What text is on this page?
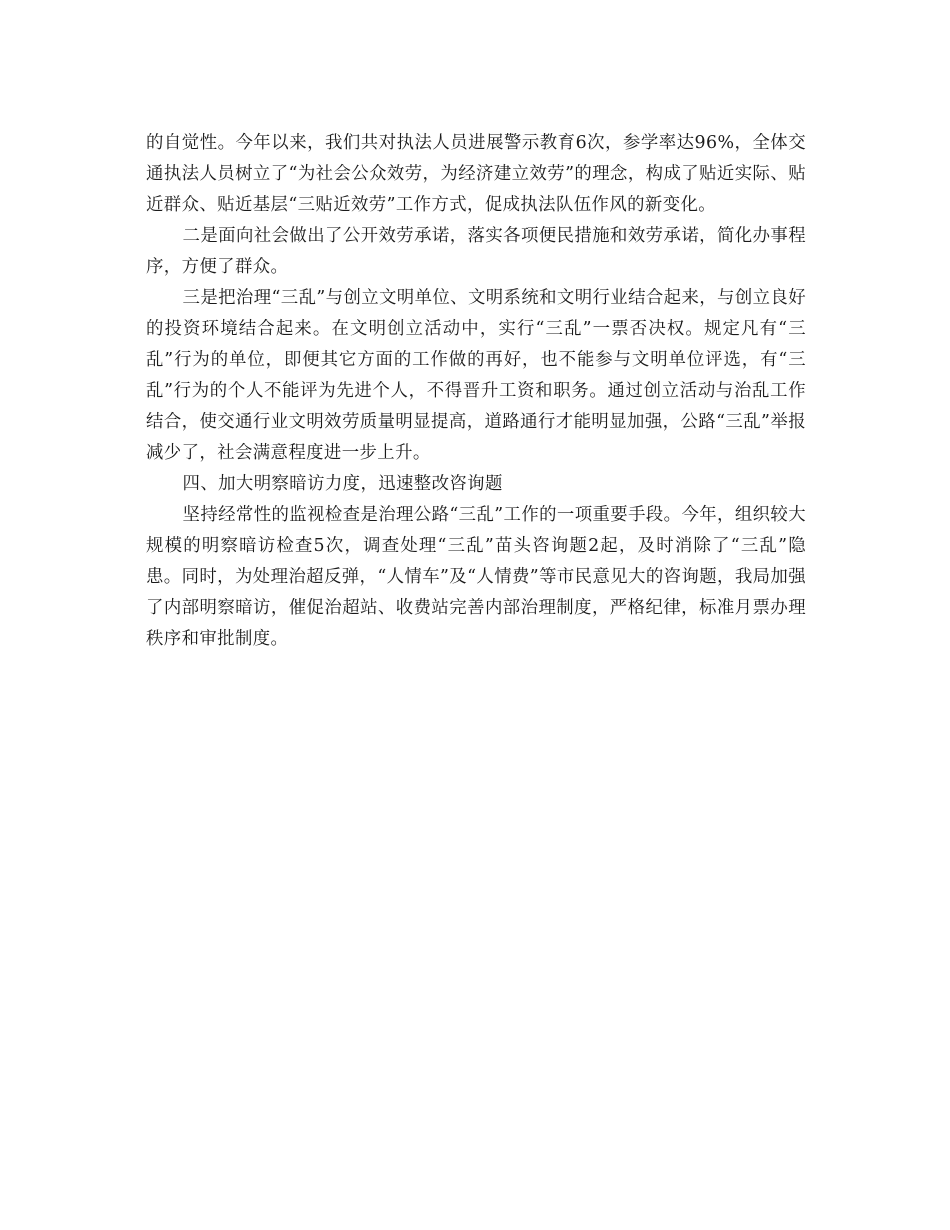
的自觉性。今年以来，我们共对执法人员进展警示教育6次，参学率达96%，全体交通执法人员树立了“为社会公众效劳，为经济建立效劳”的理念，构成了贴近实际、贴近群众、贴近基层“三贴近效劳”工作方式，促成执法队伍作风的新变化。

二是面向社会做出了公开效劳承诺，落实各项便民措施和效劳承诺，简化办事程序，方便了群众。

三是把治理“三乱”与创立文明单位、文明系统和文明行业结合起来，与创立良好的投资环境结合起来。在文明创立活动中，实行“三乱”一票否决权。规定凡有“三乱”行为的单位，即便其它方面的工作做的再好，也不能参与文明单位评选，有“三乱”行为的个人不能评为先进个人，不得晋升工资和职务。通过创立活动与治乱工作结合，使交通行业文明效劳质量明显提高，道路通行才能明显加强，公路“三乱”举报减少了，社会满意程度进一步上升。

四、加大明察暗访力度，迅速整改咨询题

坚持经常性的监视检查是治理公路“三乱”工作的一项重要手段。今年，组织较大规模的明察暗访检查5次，调查处理“三乱”苗头咨询题2起，及时消除了“三乱”隐患。同时，为处理治超反弹，“人情车”及“人情费”等市民意见大的咨询题，我局加强了内部明察暗访，催促治超站、收费站完善内部治理制度，严格纪律，标准月票办理秩序和审批制度。
